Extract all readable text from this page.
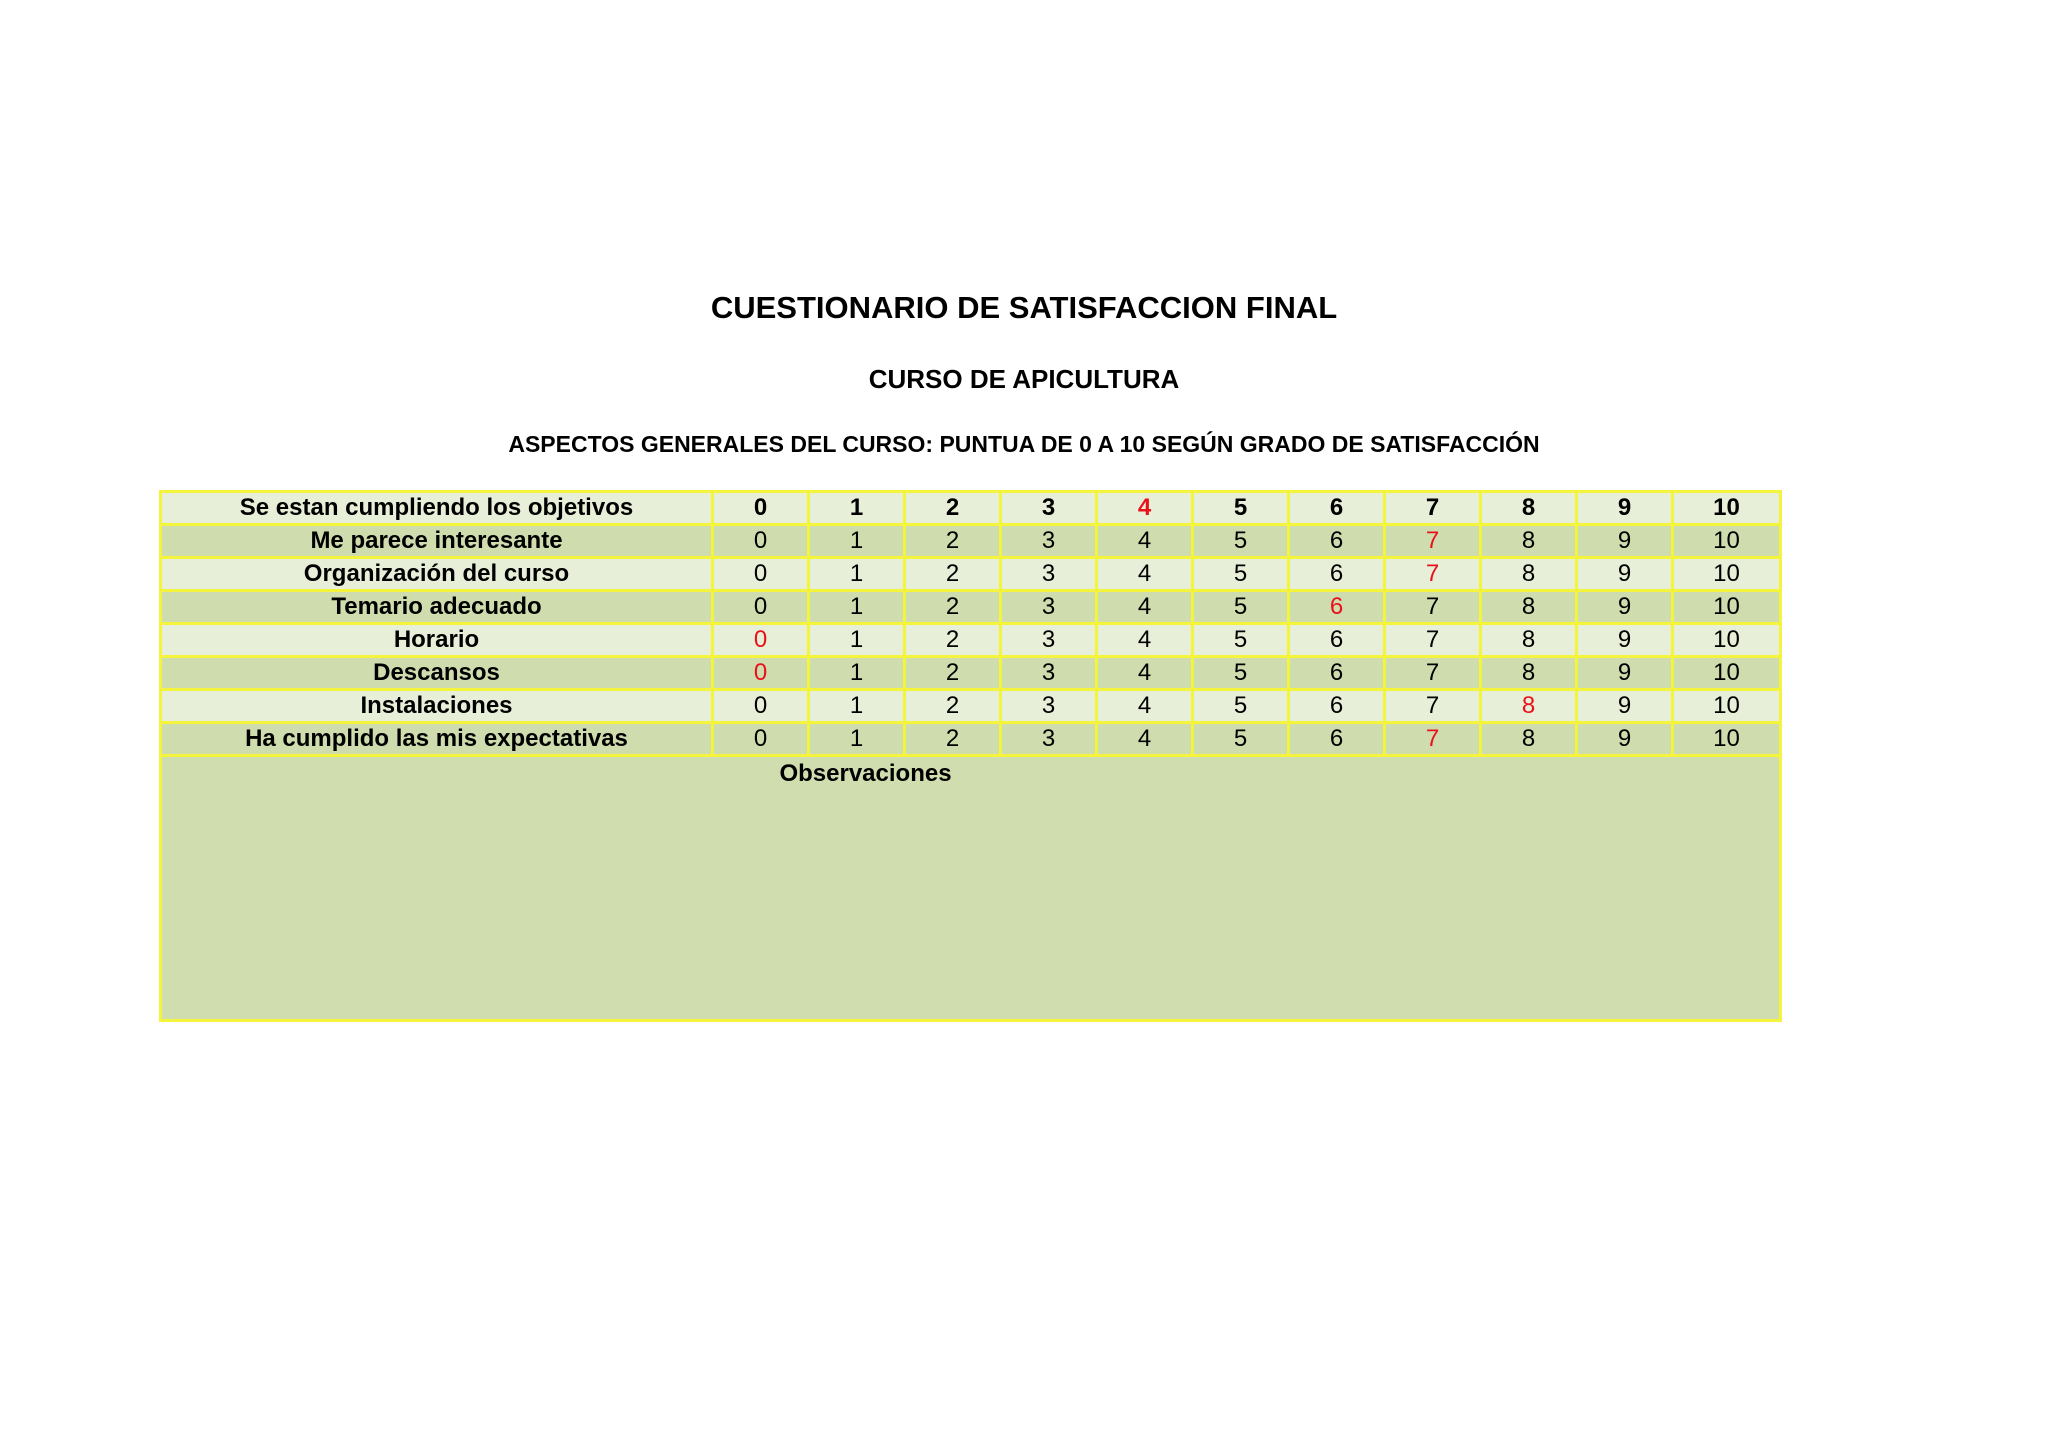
CUESTIONARIO DE SATISFACCION FINAL
CURSO DE APICULTURA
ASPECTOS GENERALES DEL CURSO: PUNTUA DE 0 A 10 SEGÚN GRADO DE SATISFACCIÓN
Se estan cumpliendo los objetivos	0	1	2	3	4	5	6	7	8	9	10
Me parece interesante	0	1	2	3	4	5	6	7	8	9	10
Organización del curso	0	1	2	3	4	5	6	7	8	9	10
Temario adecuado	0	1	2	3	4	5	6	7	8	9	10
Horario	0	1	2	3	4	5	6	7	8	9	10
Descansos	0	1	2	3	4	5	6	7	8	9	10
Instalaciones	0	1	2	3	4	5	6	7	8	9	10
Ha cumplido las mis expectativas	0	1	2	3	4	5	6	7	8	9	10
Observaciones											
